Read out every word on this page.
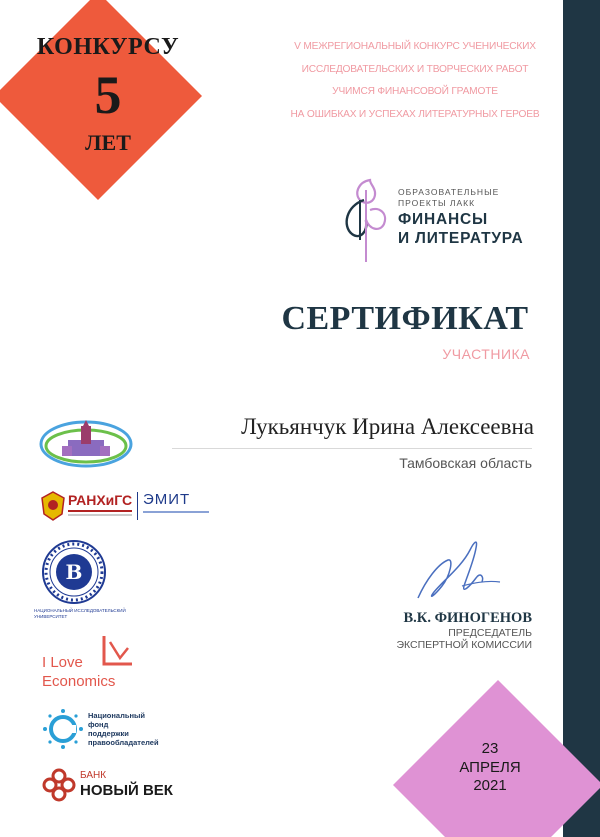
КОНКУРСУ
5
ЛЕТ
V МЕЖРЕГИОНАЛЬНЫЙ КОНКУРС УЧЕНИЧЕСКИХ
ИССЛЕДОВАТЕЛЬСКИХ И ТВОРЧЕСКИХ РАБОТ
УЧИМСЯ ФИНАНСОВОЙ ГРАМОТЕ
НА ОШИБКАХ И УСПЕХАХ ЛИТЕРАТУРНЫХ ГЕРОЕВ
ОБРАЗОВАТЕЛЬНЫЕ
ПРОЕКТЫ ЛАКК
ФИНАНСЫ
И ЛИТЕРАТУРА
СЕРТИФИКАТ
УЧАСТНИКА
Лукьянчук Ирина Алексеевна
Тамбовская область
РАНХиГС ЭМИТ
В
НАЦИОНАЛЬНЫЙ ИССЛЕДОВАТЕЛЬСКИЙ
УНИВЕРСИТЕТ
I Love
Economics
Национальный
фонд
поддержки
правообладателей
БАНК
НОВЫЙ ВЕК
В.К. ФИНОГЕНОВ
ПРЕДСЕДАТЕЛЬ
ЭКСПЕРТНОЙ КОМИССИИ
23
АПРЕЛЯ
2021
